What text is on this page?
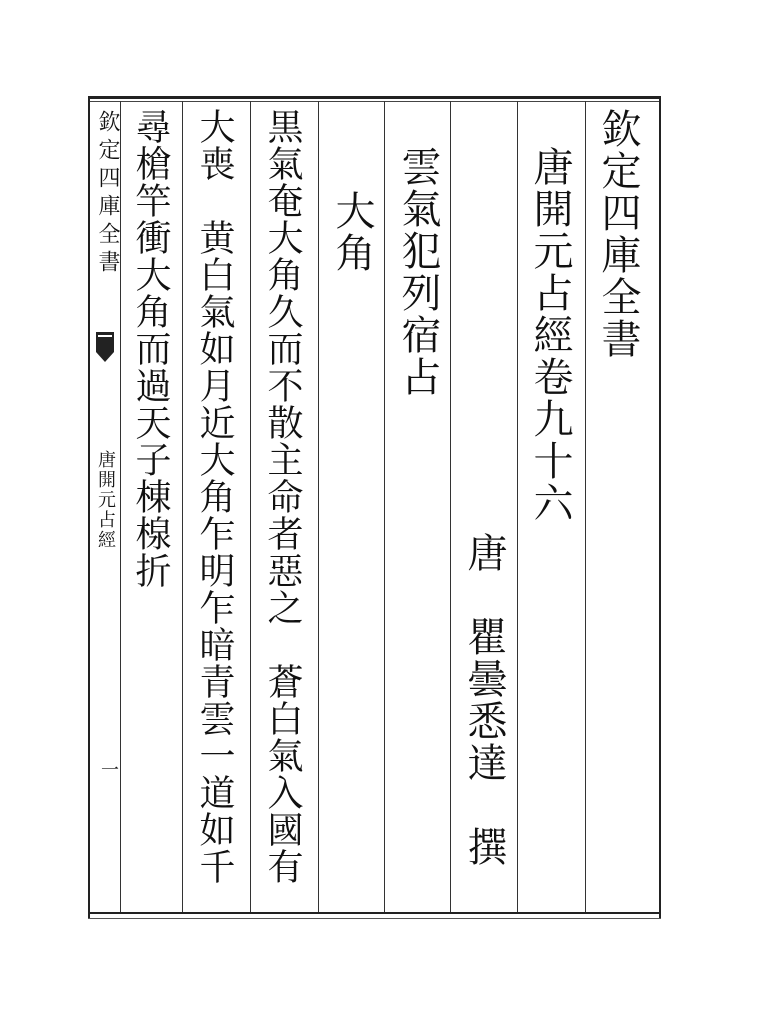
欽定四庫全書
唐開元占經
一
欽定四庫全書
唐開元占經卷九十六
唐　瞿曇悉達　撰
雲氣犯列宿占
大角
黒氣奄大角久而不散主命者惡之　蒼白氣入國有
大喪　黄白氣如月近大角乍明乍暗青雲一道如千
尋槍竿衝大角而過天子棟楾折
